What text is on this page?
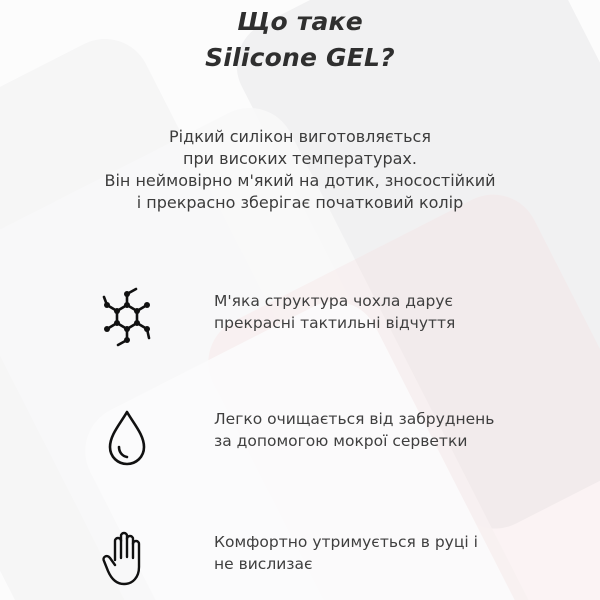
Що таке
Silicone GEL?
Рідкий силікон виготовляється
при високих температурах.
Він неймовірно м'який на дотик, зносостійкий
і прекрасно зберігає початковий колір
М'яка структура чохла дарує
прекрасні тактильні відчуття
Легко очищається від забруднень
за допомогою мокрої серветки
Комфортно утримується в руці і
не вислизає
